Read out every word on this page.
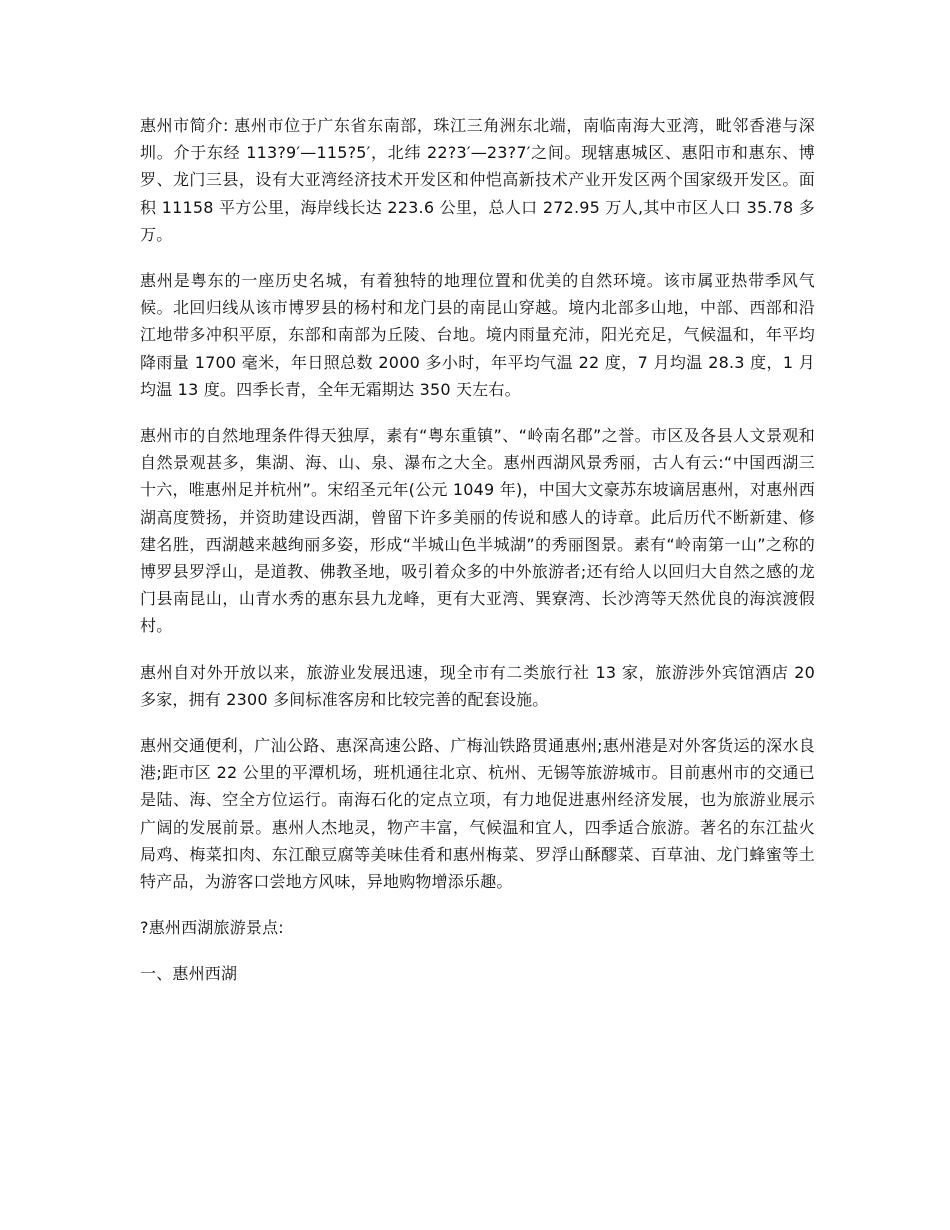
惠州市简介: 惠州市位于广东省东南部，珠江三角洲东北端，南临南海大亚湾，毗邻香港与深圳。介于东经 113?9′—115?5′，北纬 22?3′—23?7′之间。现辖惠城区、惠阳市和惠东、博罗、龙门三县，设有大亚湾经济技术开发区和仲恺高新技术产业开发区两个国家级开发区。面积 11158 平方公里，海岸线长达 223.6 公里，总人口 272.95 万人,其中市区人口 35.78 多万。

惠州是粤东的一座历史名城，有着独特的地理位置和优美的自然环境。该市属亚热带季风气候。北回归线从该市博罗县的杨村和龙门县的南昆山穿越。境内北部多山地，中部、西部和沿江地带多冲积平原，东部和南部为丘陵、台地。境内雨量充沛，阳光充足，气候温和，年平均降雨量 1700 毫米，年日照总数 2000 多小时，年平均气温 22 度，7 月均温 28.3 度，1 月均温 13 度。四季长青，全年无霜期达 350 天左右。

惠州市的自然地理条件得天独厚，素有“粤东重镇”、“岭南名郡”之誉。市区及各县人文景观和自然景观甚多，集湖、海、山、泉、瀑布之大全。惠州西湖风景秀丽，古人有云:“中国西湖三十六，唯惠州足并杭州”。宋绍圣元年(公元 1049 年)，中国大文豪苏东坡谪居惠州，对惠州西湖高度赞扬，并资助建设西湖，曾留下许多美丽的传说和感人的诗章。此后历代不断新建、修建名胜，西湖越来越绚丽多姿，形成“半城山色半城湖”的秀丽图景。素有“岭南第一山”之称的博罗县罗浮山，是道教、佛教圣地，吸引着众多的中外旅游者;还有给人以回归大自然之感的龙门县南昆山，山青水秀的惠东县九龙峰，更有大亚湾、巽寮湾、长沙湾等天然优良的海滨渡假村。

惠州自对外开放以来，旅游业发展迅速，现全市有二类旅行社 13 家，旅游涉外宾馆酒店 20 多家，拥有 2300 多间标准客房和比较完善的配套设施。

惠州交通便利，广汕公路、惠深高速公路、广梅汕铁路贯通惠州;惠州港是对外客货运的深水良港;距市区 22 公里的平潭机场，班机通往北京、杭州、无锡等旅游城市。目前惠州市的交通已是陆、海、空全方位运行。南海石化的定点立项，有力地促进惠州经济发展，也为旅游业展示广阔的发展前景。惠州人杰地灵，物产丰富，气候温和宜人，四季适合旅游。著名的东江盐火局鸡、梅菜扣肉、东江酿豆腐等美味佳肴和惠州梅菜、罗浮山酥醪菜、百草油、龙门蜂蜜等土特产品，为游客口尝地方风味，异地购物增添乐趣。

?惠州西湖旅游景点:

一、惠州西湖
